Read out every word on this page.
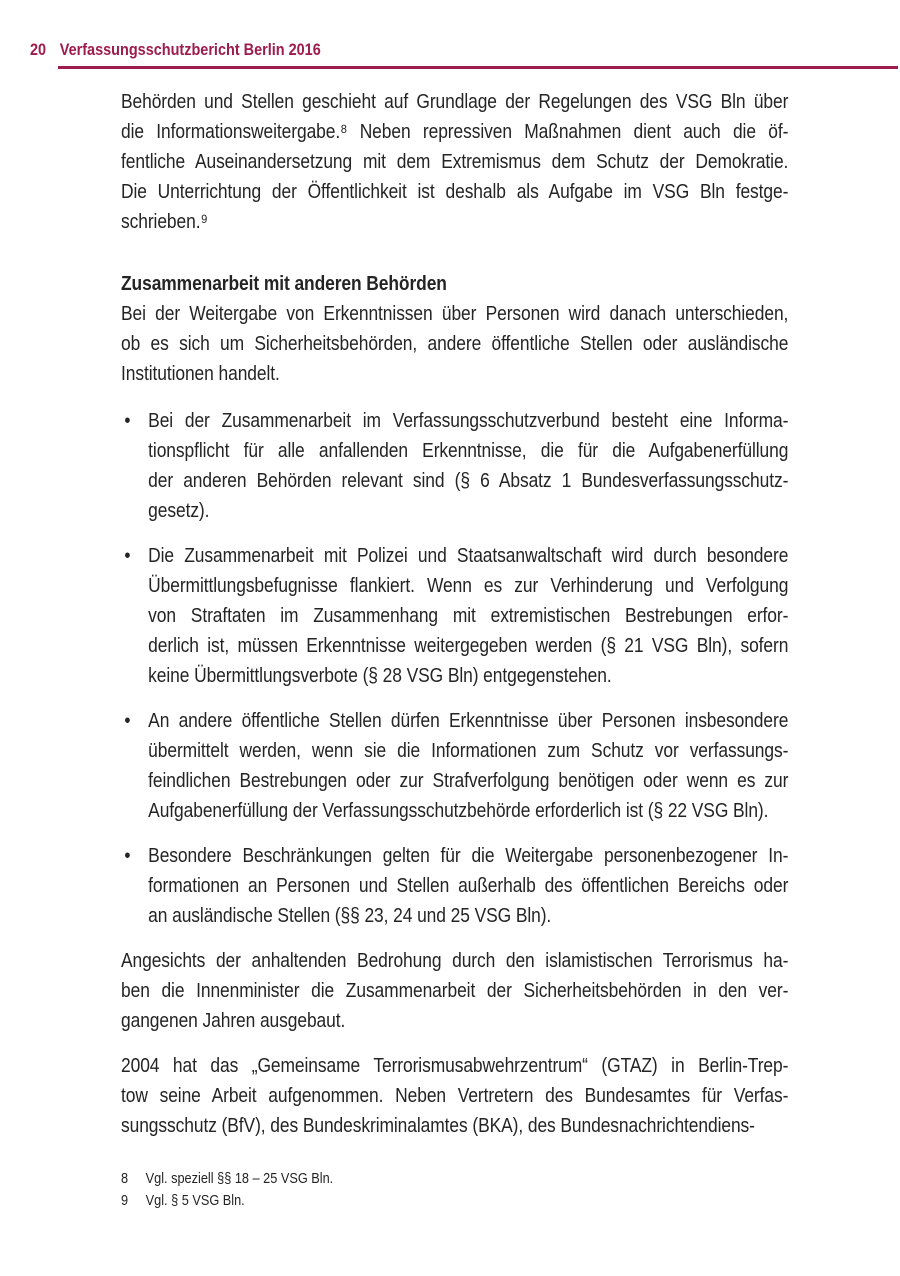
20 Verfassungsschutzbericht Berlin 2016
Behörden und Stellen geschieht auf Grundlage der Regelungen des VSG Bln über
die Informationsweitergabe.⁸ Neben repressiven Maßnahmen dient auch die öf-
fentliche Auseinandersetzung mit dem Extremismus dem Schutz der Demokratie.
Die Unterrichtung der Öffentlichkeit ist deshalb als Aufgabe im VSG Bln festge-
schrieben.⁹
Zusammenarbeit mit anderen Behörden
Bei der Weitergabe von Erkenntnissen über Personen wird danach unterschieden,
ob es sich um Sicherheitsbehörden, andere öffentliche Stellen oder ausländische
Institutionen handelt.
• Bei der Zusammenarbeit im Verfassungsschutzverbund besteht eine Informa-
tionspflicht für alle anfallenden Erkenntnisse, die für die Aufgabenerfüllung
der anderen Behörden relevant sind (§ 6 Absatz 1 Bundesverfassungsschutz-
gesetz).
• Die Zusammenarbeit mit Polizei und Staatsanwaltschaft wird durch besondere
Übermittlungsbefugnisse flankiert. Wenn es zur Verhinderung und Verfolgung
von Straftaten im Zusammenhang mit extremistischen Bestrebungen erfor-
derlich ist, müssen Erkenntnisse weitergegeben werden (§ 21 VSG Bln), sofern
keine Übermittlungsverbote (§ 28 VSG Bln) entgegenstehen.
• An andere öffentliche Stellen dürfen Erkenntnisse über Personen insbesondere
übermittelt werden, wenn sie die Informationen zum Schutz vor verfassungs-
feindlichen Bestrebungen oder zur Strafverfolgung benötigen oder wenn es zur
Aufgabenerfüllung der Verfassungsschutzbehörde erforderlich ist (§ 22 VSG Bln).
• Besondere Beschränkungen gelten für die Weitergabe personenbezogener In-
formationen an Personen und Stellen außerhalb des öffentlichen Bereichs oder
an ausländische Stellen (§§ 23, 24 und 25 VSG Bln).
Angesichts der anhaltenden Bedrohung durch den islamistischen Terrorismus ha-
ben die Innenminister die Zusammenarbeit der Sicherheitsbehörden in den ver-
gangenen Jahren ausgebaut.
2004 hat das „Gemeinsame Terrorismusabwehrzentrum“ (GTAZ) in Berlin-Trep-
tow seine Arbeit aufgenommen. Neben Vertretern des Bundesamtes für Verfas-
sungsschutz (BfV), des Bundeskriminalamtes (BKA), des Bundesnachrichtendiens-
8	Vgl. speziell §§ 18 – 25 VSG Bln.
9	Vgl. § 5 VSG Bln.
